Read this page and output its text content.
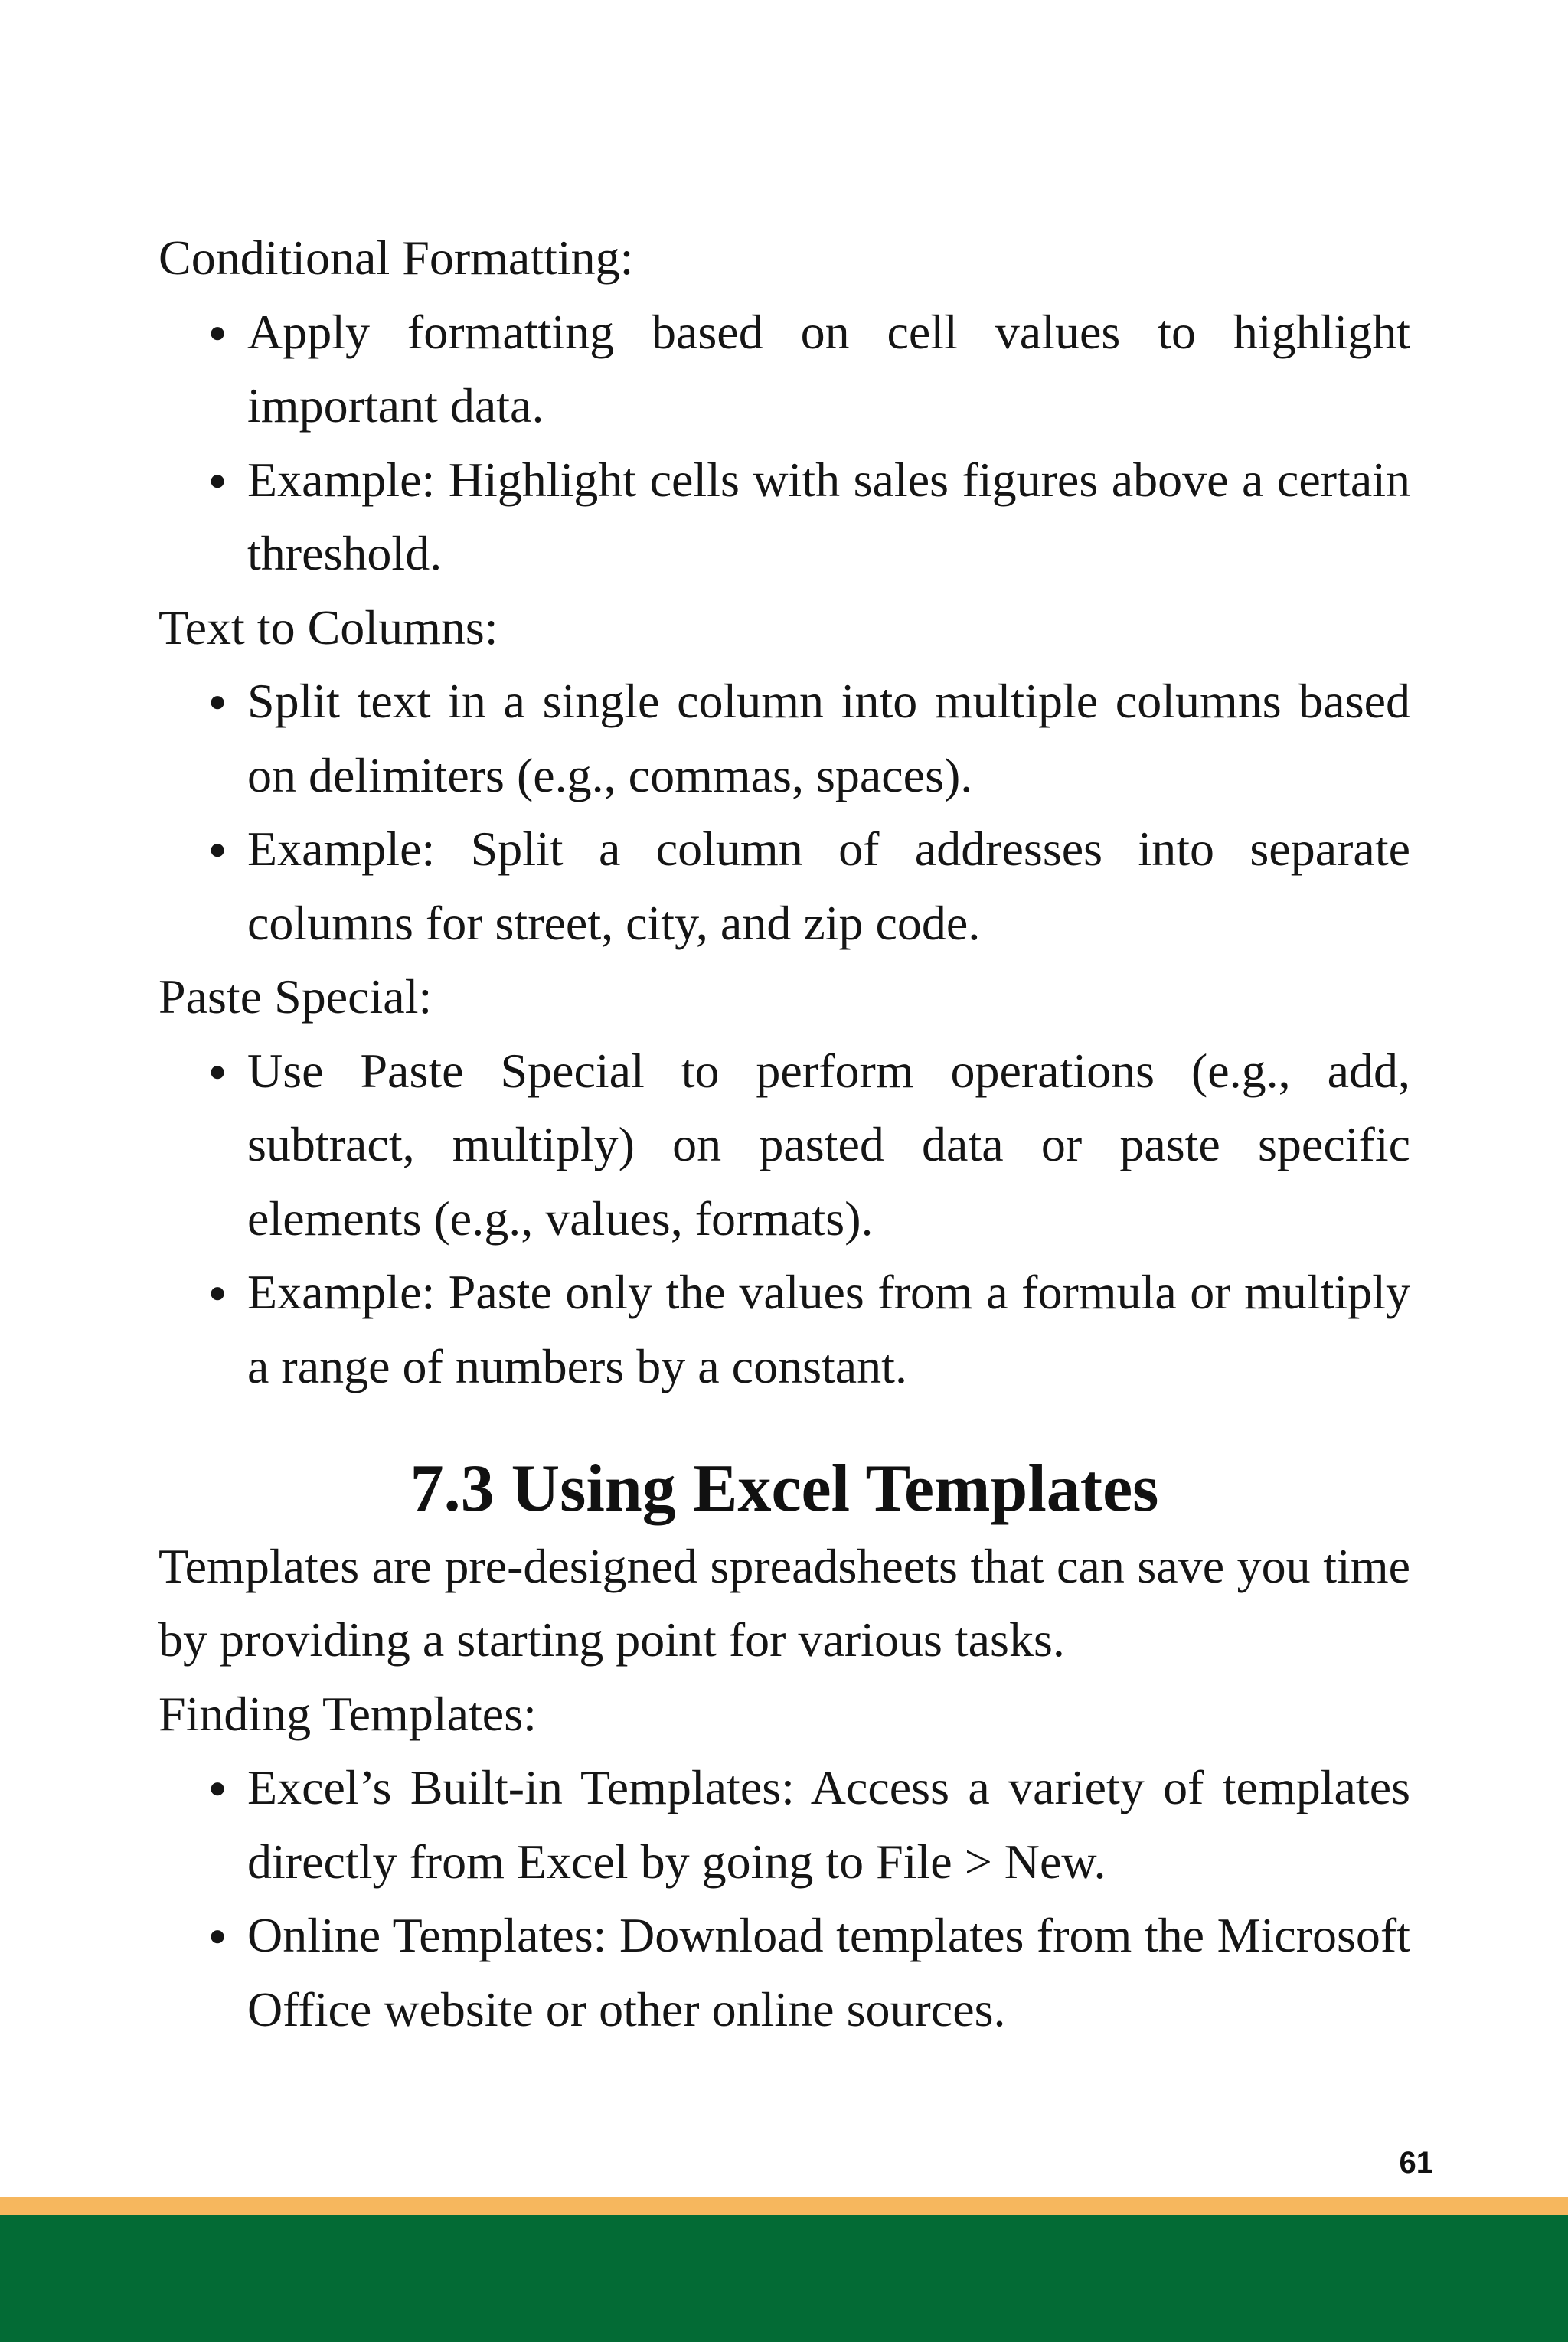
Conditional Formatting:

● Apply formatting based on cell values to highlight important data.
● Example: Highlight cells with sales figures above a certain threshold.

Text to Columns:

● Split text in a single column into multiple columns based on delimiters (e.g., commas, spaces).
● Example: Split a column of addresses into separate columns for street, city, and zip code.

Paste Special:

● Use Paste Special to perform operations (e.g., add, subtract, multiply) on pasted data or paste specific elements (e.g., values, formats).
● Example: Paste only the values from a formula or multiply a range of numbers by a constant.
7.3 Using Excel Templates

Templates are pre-designed spreadsheets that can save you time by providing a starting point for various tasks.

Finding Templates:

● Excel’s Built-in Templates: Access a variety of templates directly from Excel by going to File > New.
● Online Templates: Download templates from the Microsoft Office website or other online sources.
61
